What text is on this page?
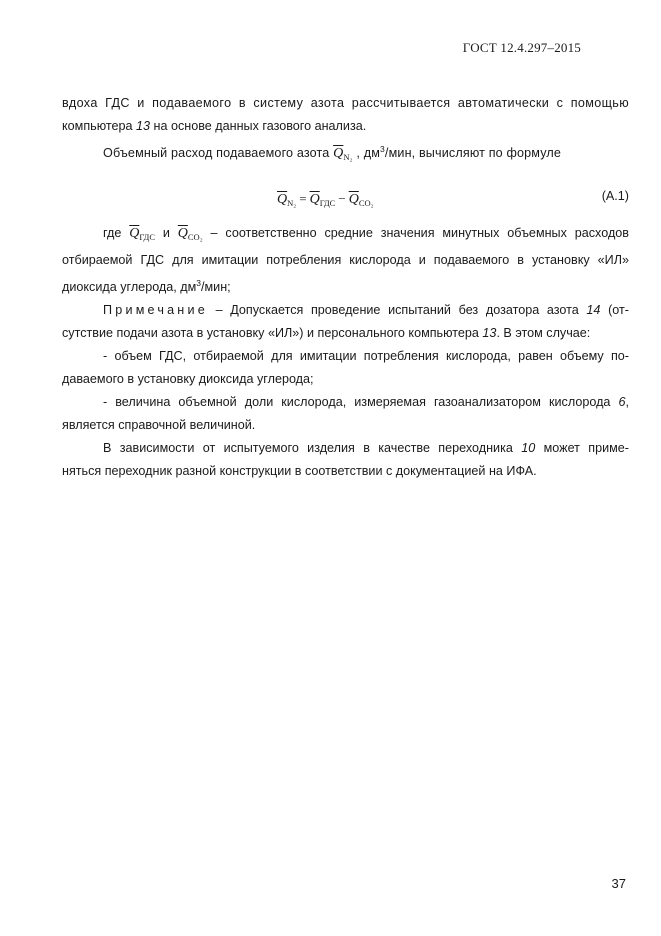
ГОСТ 12.4.297–2015

вдоха ГДС и подаваемого в систему азота рассчитывается автоматически с помощью

компьютера 13 на основе данных газового анализа.

Объемный расход подаваемого азота $\overline{Q}_{N_2}$ , $дм^3$/мин, вычисляют по формуле

$\overline{Q}_{N_2} = \overline{Q}_{ГДС} - \overline{Q}_{CO_2}$	(А.1)

где $\overline{Q}_{ГДС}$ и $\overline{Q}_{CO_2}$ – соответственно средние значения минутных объемных расходов

отбираемой ГДС для имитации потребления кислорода и подаваемого в установку «ИЛ»

диоксида углерода, $дм^3$/мин;

Примечание – Допускается проведение испытаний без дозатора азота 14 (от-

сутствие подачи азота в установку «ИЛ») и персонального компьютера 13. В этом случае:

- объем ГДС, отбираемой для имитации потребления кислорода, равен объему по-

даваемого в установку диоксида углерода;

- величина объемной доли кислорода, измеряемая газоанализатором кислорода 6,

является справочной величиной.

В зависимости от испытуемого изделия в качестве переходника 10 может приме-

няться переходник разной конструкции в соответствии с документацией на ИФА.

37
